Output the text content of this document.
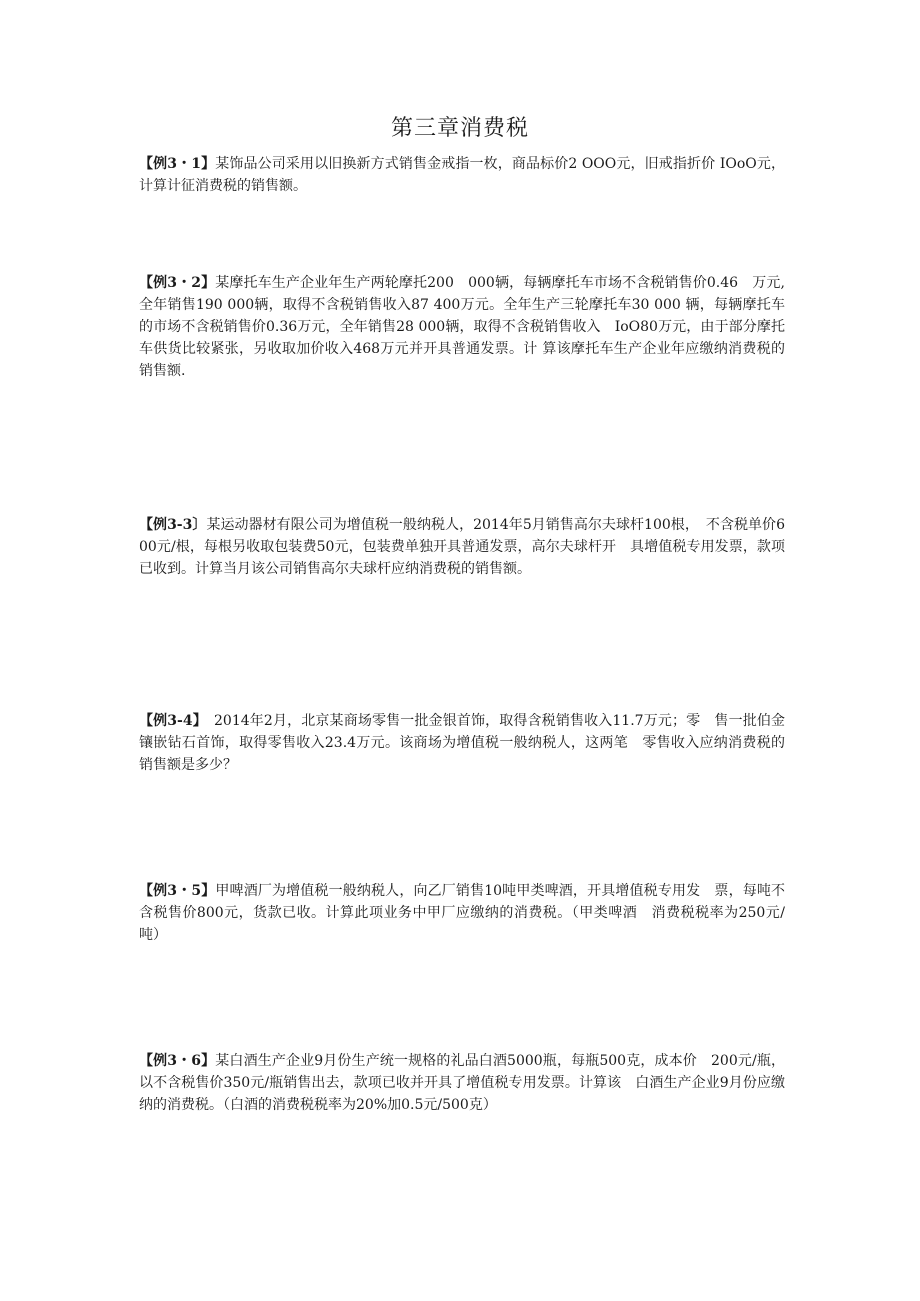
第三章消费税

【例3・1】某饰品公司采用以旧换新方式销售金戒指一枚，商品标价2 OOO元，旧戒指折价 IOoO元，计算计征消费税的销售额。

【例3・2】某摩托车生产企业年生产两轮摩托200　000辆，每辆摩托车市场不含税销售价0.46　万元,全年销售190 000辆，取得不含税销售收入87 400万元。全年生产三轮摩托车30 000 辆，每辆摩托车的市场不含税销售价0.36万元，全年销售28 000辆，取得不含税销售收入　IoO80万元，由于部分摩托车供货比较紧张，另收取加价收入468万元并开具普通发票。计 算该摩托车生产企业年应缴纳消费税的销售额.

【例3-3〕某运动器材有限公司为增值税一般纳税人，2014年5月销售高尔夫球杆100根，　不含税单价600元/根，每根另收取包装费50元，包装费单独开具普通发票，高尔夫球杆开　具增值税专用发票，款项已收到。计算当月该公司销售高尔夫球杆应纳消费税的销售额。

【例3-4】　2014年2月，北京某商场零售一批金银首饰，取得含税销售收入11.7万元；零　售一批伯金镶嵌钻石首饰，取得零售收入23.4万元。该商场为增值税一般纳税人，这两笔　零售收入应纳消费税的销售额是多少？

【例3・5】甲啤酒厂为增值税一般纳税人，向乙厂销售10吨甲类啤酒，开具增值税专用发　票，每吨不含税售价800元，货款已收。计算此项业务中甲厂应缴纳的消费税。（甲类啤酒　消费税税率为250元/吨）

【例3・6】某白酒生产企业9月份生产统一规格的礼品白酒5000瓶，每瓶500克，成本价　200元/瓶，以不含税售价350元/瓶销售出去，款项已收并开具了增值税专用发票。计算该　白酒生产企业9月份应缴纳的消费税。（白酒的消费税税率为20%加0.5元/500克）
